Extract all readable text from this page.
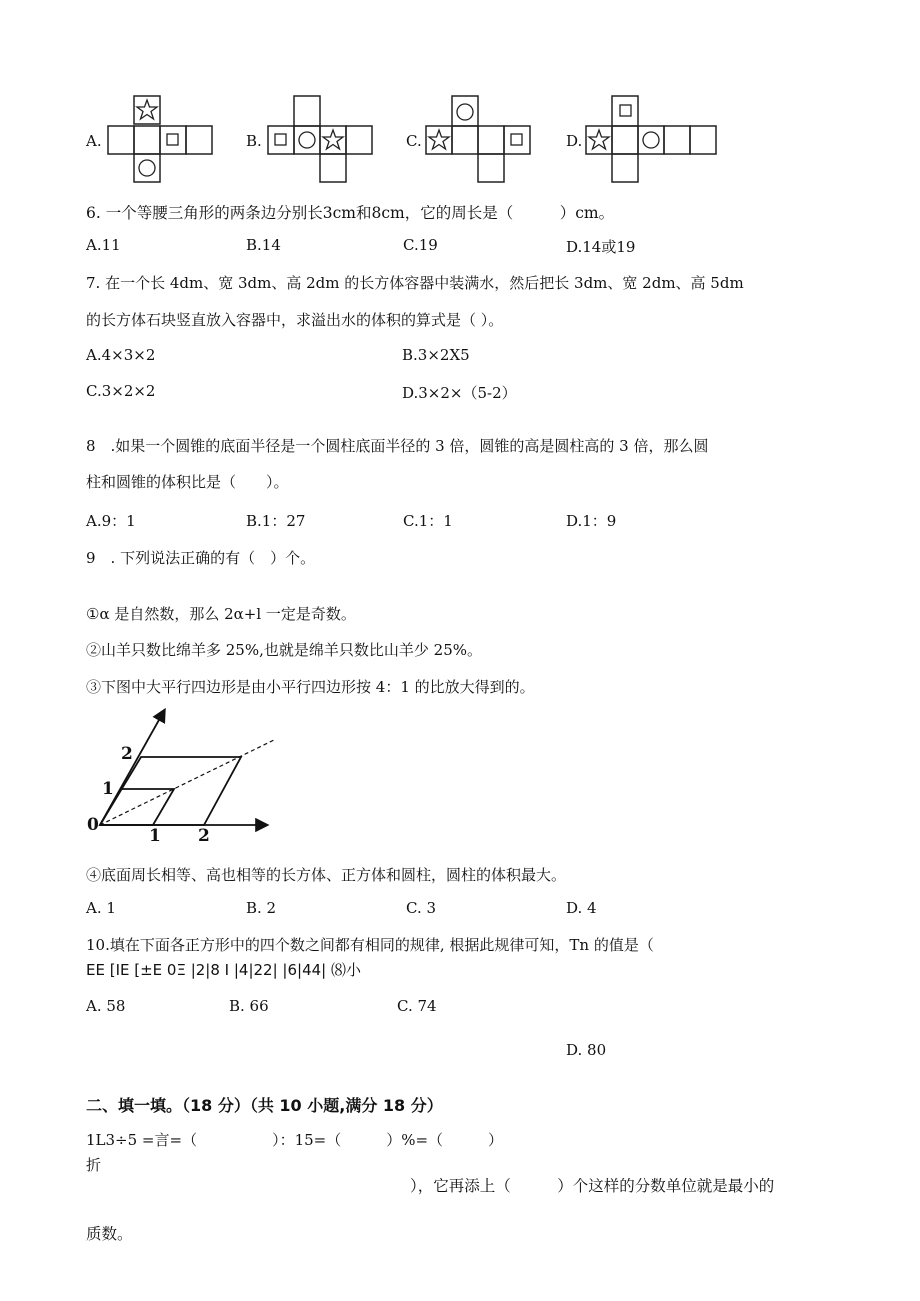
A.	B.	C.	D.
6. 一个等腰三角形的两条边分别长3cm和8cm，它的周长是（　　　）cm。
A.11	B.14	C.19	D.14或19
7. 在一个长 4dm、宽 3dm、高 2dm 的长方体容器中装满水，然后把长 3dm、宽 2dm、高 5dm
的长方体石块竖直放入容器中，求溢出水的体积的算式是（ ）。
A.4×3×2	B.3×2X5
C.3×2×2	D.3×2×（5-2）
8　.如果一个圆锥的底面半径是一个圆柱底面半径的 3 倍，圆锥的高是圆柱高的 3 倍，那么圆
柱和圆锥的体积比是（　　）。
A.9：1	B.1：27	C.1：1	D.1：9
9　. 下列说法正确的有（　）个。
①α 是自然数，那么 2α+l 一定是奇数。
②山羊只数比绵羊多 25%,也就是绵羊只数比山羊少 25%。
③下图中大平行四边形是由小平行四边形按 4：1 的比放大得到的。
0
1 2
1
2
④底面周长相等、高也相等的长方体、正方体和圆柱，圆柱的体积最大。
A. 1	B. 2	C. 3	D. 4
10.填在下面各正方形中的四个数之间都有相同的规律, 根据此规律可知，Tn 的值是（
EE [IE [±E 0Ξ |2|8 I |4|22| |6|44| ⑻小
A. 58	B. 66	C. 74
D. 80
二、填一填。（18 分）（共 10 小题,满分 18 分）
1L3÷5 =言=（　　　　　）：15=（　　　）%=（　　　）
折
），它再添上（　　　）个这样的分数单位就是最小的
质数。
